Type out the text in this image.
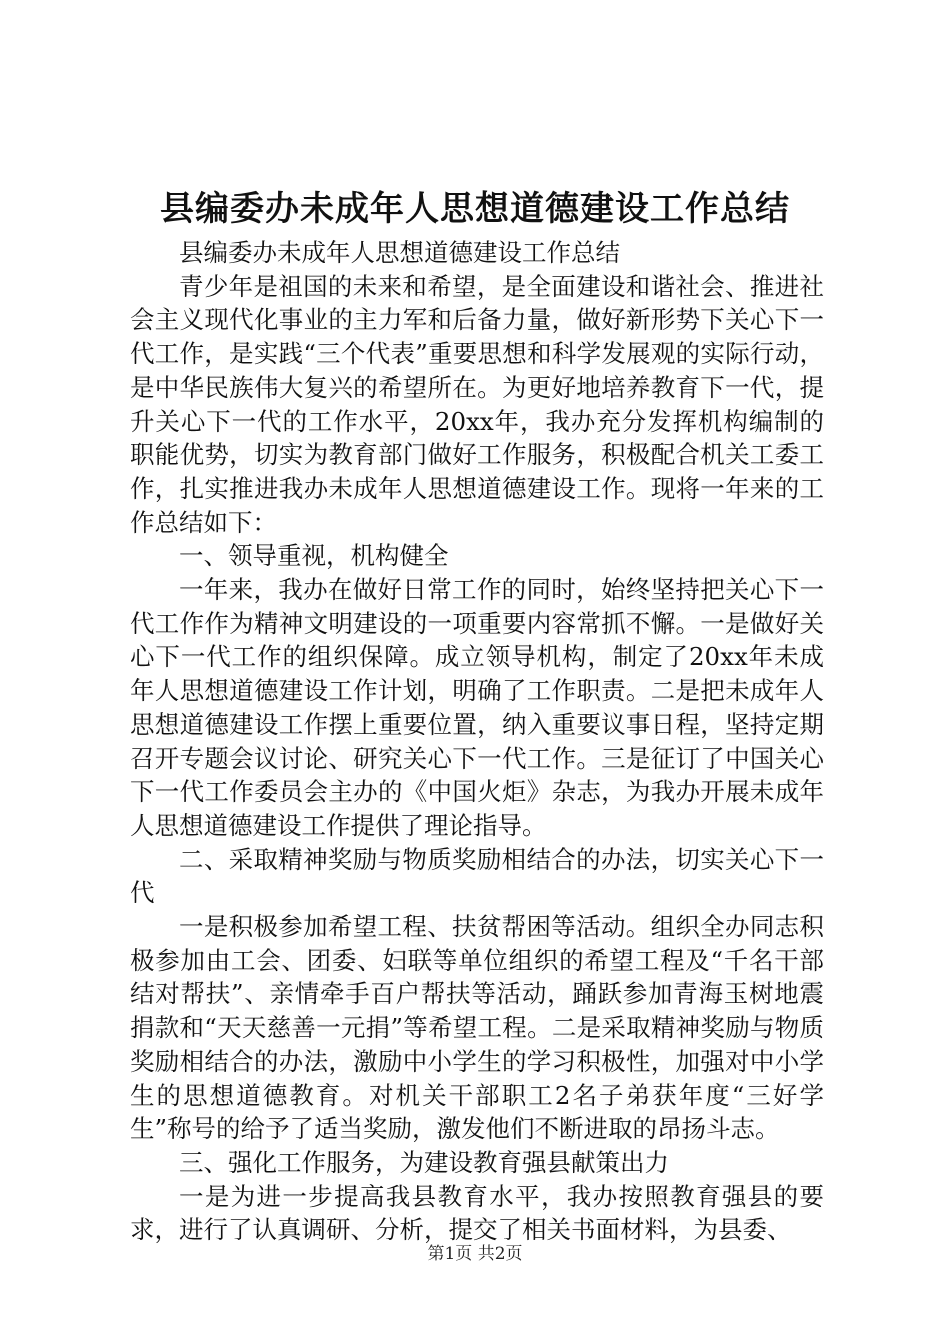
县编委办未成年人思想道德建设工作总结

县编委办未成年人思想道德建设工作总结

青少年是祖国的未来和希望，是全面建设和谐社会、推进社会主义现代化事业的主力军和后备力量，做好新形势下关心下一代工作，是实践“三个代表”重要思想和科学发展观的实际行动，是中华民族伟大复兴的希望所在。为更好地培养教育下一代，提升关心下一代的工作水平，20xx年，我办充分发挥机构编制的职能优势，切实为教育部门做好工作服务，积极配合机关工委工作，扎实推进我办未成年人思想道德建设工作。现将一年来的工作总结如下：

一、领导重视，机构健全

一年来，我办在做好日常工作的同时，始终坚持把关心下一代工作作为精神文明建设的一项重要内容常抓不懈。一是做好关心下一代工作的组织保障。成立领导机构，制定了20xx年未成年人思想道德建设工作计划，明确了工作职责。二是把未成年人思想道德建设工作摆上重要位置，纳入重要议事日程，坚持定期召开专题会议讨论、研究关心下一代工作。三是征订了中国关心下一代工作委员会主办的《中国火炬》杂志，为我办开展未成年人思想道德建设工作提供了理论指导。

二、采取精神奖励与物质奖励相结合的办法，切实关心下一代

一是积极参加希望工程、扶贫帮困等活动。组织全办同志积极参加由工会、团委、妇联等单位组织的希望工程及“千名干部结对帮扶”、亲情牵手百户帮扶等活动，踊跃参加青海玉树地震捐款和“天天慈善一元捐”等希望工程。二是采取精神奖励与物质奖励相结合的办法，激励中小学生的学习积极性，加强对中小学生的思想道德教育。对机关干部职工2名子弟获年度“三好学生”称号的给予了适当奖励，激发他们不断进取的昂扬斗志。

三、强化工作服务，为建设教育强县献策出力

一是为进一步提高我县教育水平，我办按照教育强县的要求，进行了认真调研、分析，提交了相关书面材料，为县委、

第1页 共2页
